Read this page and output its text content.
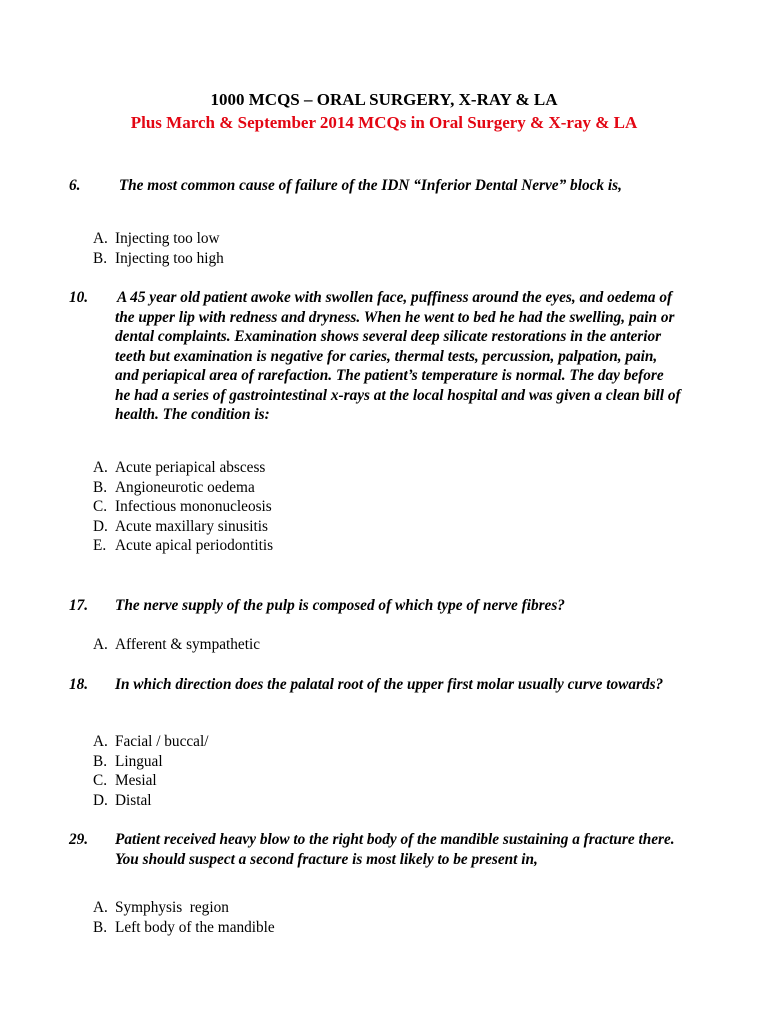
1000 MCQS – ORAL SURGERY, X-RAY & LA
Plus March & September 2014 MCQs in Oral Surgery & X-ray & LA
6. The most common cause of failure of the IDN “Inferior Dental Nerve” block is,
A. Injecting too low
B. Injecting too high
10. A 45 year old patient awoke with swollen face, puffiness around the eyes, and oedema of the upper lip with redness and dryness. When he went to bed he had the swelling, pain or dental complaints. Examination shows several deep silicate restorations in the anterior teeth but examination is negative for caries, thermal tests, percussion, palpation, pain, and periapical area of rarefaction. The patient’s temperature is normal. The day before he had a series of gastrointestinal x-rays at the local hospital and was given a clean bill of health. The condition is:
A. Acute periapical abscess
B. Angioneurotic oedema
C. Infectious mononucleosis
D. Acute maxillary sinusitis
E. Acute apical periodontitis
17. The nerve supply of the pulp is composed of which type of nerve fibres?
A. Afferent & sympathetic
18. In which direction does the palatal root of the upper first molar usually curve towards?
A. Facial / buccal/
B. Lingual
C. Mesial
D. Distal
29. Patient received heavy blow to the right body of the mandible sustaining a fracture there. You should suspect a second fracture is most likely to be present in,
A. Symphysis  region
B. Left body of the mandible
